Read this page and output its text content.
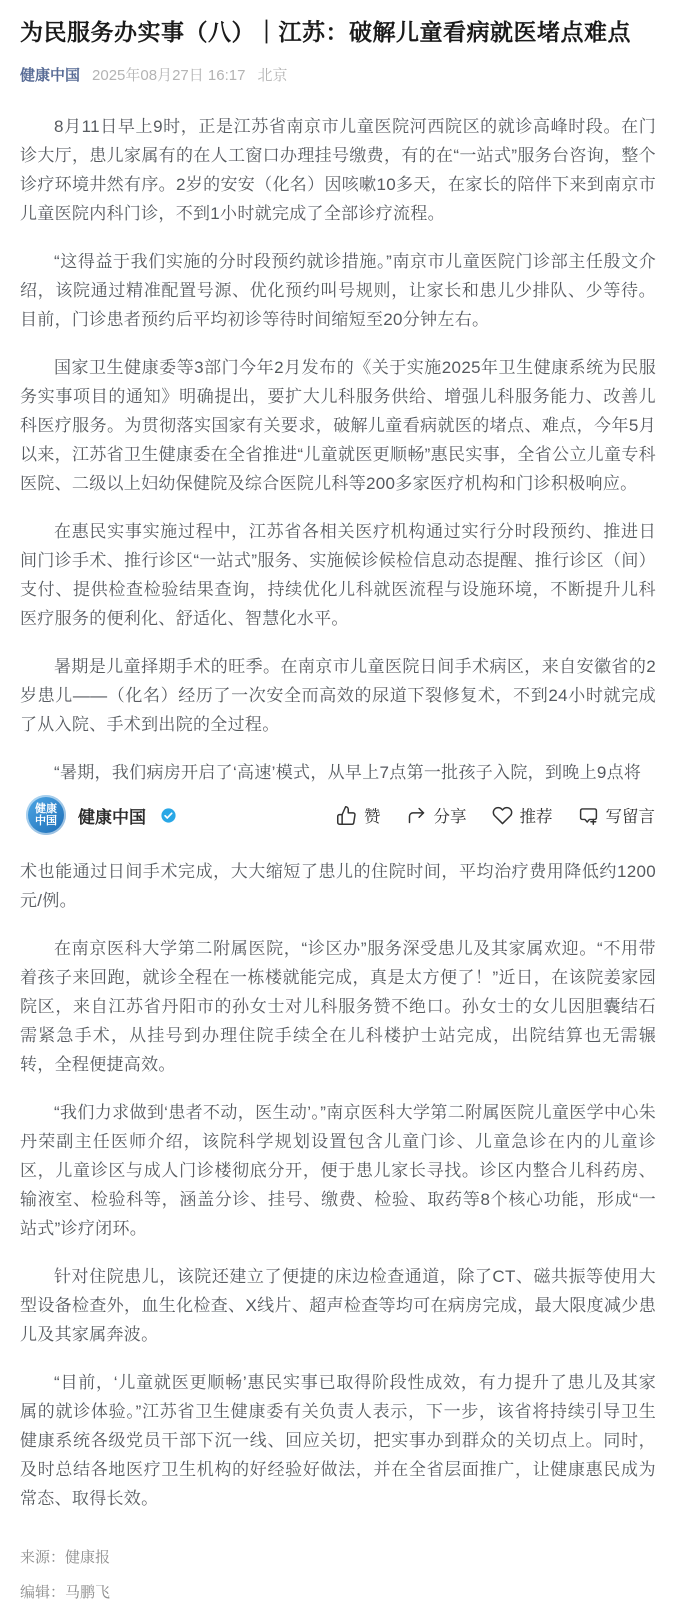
为民服务办实事（八）｜江苏：破解儿童看病就医堵点难点
健康中国 2025年08月27日 16:17 北京

8月11日早上9时，正是江苏省南京市儿童医院河西院区的就诊高峰时段。在门诊大厅，患儿家属有的在人工窗口办理挂号缴费，有的在“一站式”服务台咨询，整个诊疗环境井然有序。2岁的安安（化名）因咳嗽10多天，在家长的陪伴下来到南京市儿童医院内科门诊，不到1小时就完成了全部诊疗流程。

“这得益于我们实施的分时段预约就诊措施。”南京市儿童医院门诊部主任殷文介绍，该院通过精准配置号源、优化预约叫号规则，让家长和患儿少排队、少等待。目前，门诊患者预约后平均初诊等待时间缩短至20分钟左右。

国家卫生健康委等3部门今年2月发布的《关于实施2025年卫生健康系统为民服务实事项目的通知》明确提出，要扩大儿科服务供给、增强儿科服务能力、改善儿科医疗服务。为贯彻落实国家有关要求，破解儿童看病就医的堵点、难点，今年5月以来，江苏省卫生健康委在全省推进“儿童就医更顺畅”惠民实事，全省公立儿童专科医院、二级以上妇幼保健院及综合医院儿科等200多家医疗机构和门诊积极响应。

在惠民实事实施过程中，江苏省各相关医疗机构通过实行分时段预约、推进日间门诊手术、推行诊区“一站式”服务、实施候诊候检信息动态提醒、推行诊区（间）支付、提供检查检验结果查询，持续优化儿科就医流程与设施环境，不断提升儿科医疗服务的便利化、舒适化、智慧化水平。

暑期是儿童择期手术的旺季。在南京市儿童医院日间手术病区，来自安徽省的2岁患儿——（化名）经历了一次安全而高效的尿道下裂修复术，不到24小时就完成了从入院、手术到出院的全过程。

“暑期，我们病房开启了‘高速’模式，从早上7点第一批孩子入院，到晚上9点将

健康
中国 健康中国	赞	分享	推荐	写留言

术也能通过日间手术完成，大大缩短了患儿的住院时间，平均治疗费用降低约1200元/例。

在南京医科大学第二附属医院，“诊区办”服务深受患儿及其家属欢迎。“不用带着孩子来回跑，就诊全程在一栋楼就能完成，真是太方便了！”近日，在该院姜家园院区，来自江苏省丹阳市的孙女士对儿科服务赞不绝口。孙女士的女儿因胆囊结石需紧急手术，从挂号到办理住院手续全在儿科楼护士站完成，出院结算也无需辗转，全程便捷高效。

“我们力求做到‘患者不动，医生动’。”南京医科大学第二附属医院儿童医学中心朱丹荣副主任医师介绍，该院科学规划设置包含儿童门诊、儿童急诊在内的儿童诊区，儿童诊区与成人门诊楼彻底分开，便于患儿家长寻找。诊区内整合儿科药房、输液室、检验科等，涵盖分诊、挂号、缴费、检验、取药等8个核心功能，形成“一站式”诊疗闭环。

针对住院患儿，该院还建立了便捷的床边检查通道，除了CT、磁共振等使用大型设备检查外，血生化检查、X线片、超声检查等均可在病房完成，最大限度减少患儿及其家属奔波。

“目前，‘儿童就医更顺畅’惠民实事已取得阶段性成效，有力提升了患儿及其家属的就诊体验。”江苏省卫生健康委有关负责人表示，下一步，该省将持续引导卫生健康系统各级党员干部下沉一线、回应关切，把实事办到群众的关切点上。同时，及时总结各地医疗卫生机构的好经验好做法，并在全省层面推广，让健康惠民成为常态、取得长效。

来源：健康报
编辑：马鹏飞
